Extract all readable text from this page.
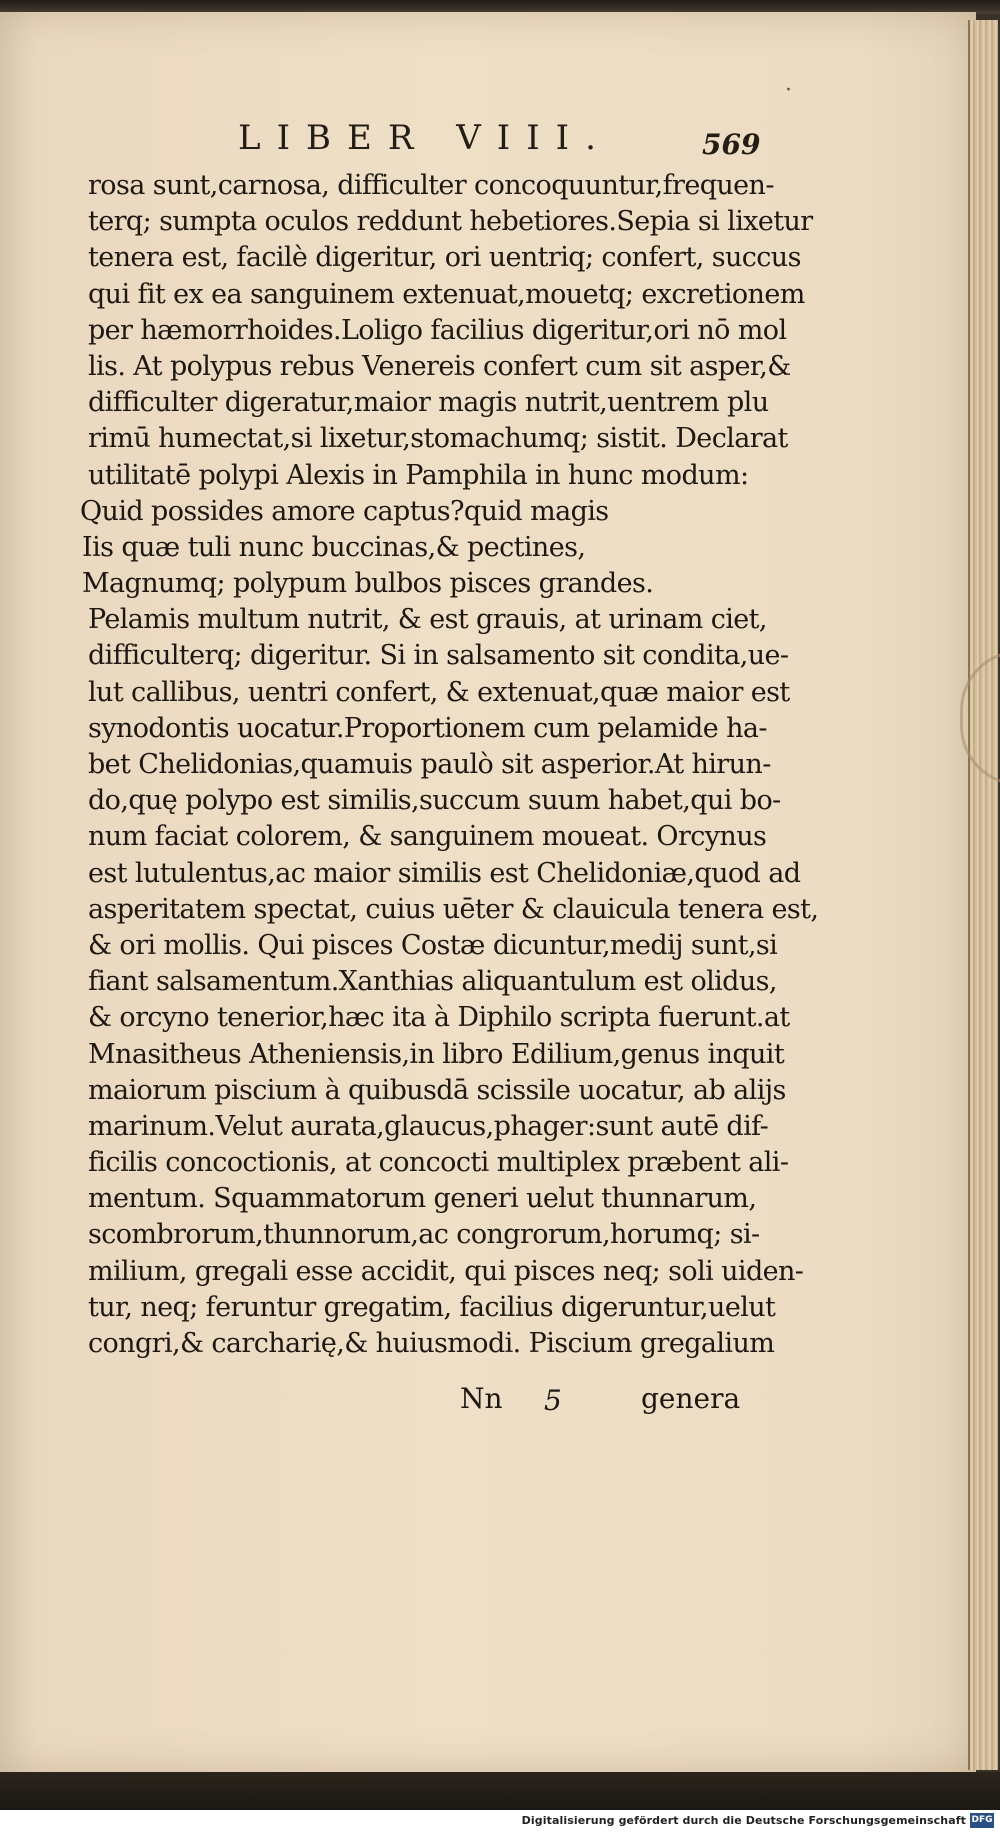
LIBER VIII.	569
rosa sunt,carnosa, difficulter concoquuntur,frequen-
terq; sumpta oculos reddunt hebetiores.Sepia si lixetur
tenera est, facilè digeritur, ori uentriq; confert, succus
qui fit ex ea sanguinem extenuat,mouetq; excretionem
per hæmorrhoides.Loligo facilius digeritur,ori nō mol
lis. At polypus rebus Venereis confert cum sit asper,&
difficulter digeratur,maior magis nutrit,uentrem plu
rimū humectat,si lixetur,stomachumq; sistit. Declarat
utilitatē polypi Alexis in Pamphila in hunc modum:
Quid possides amore captus?quid magis
Iis quæ tuli nunc buccinas,& pectines,
Magnumq; polypum bulbos pisces grandes.
Pelamis multum nutrit, & est grauis, at urinam ciet,
difficulterq; digeritur. Si in salsamento sit condita,ue-
lut callibus, uentri confert, & extenuat,quæ maior est
synodontis uocatur.Proportionem cum pelamide ha-
bet Chelidonias,quamuis paulò sit asperior.At hirun-
do,quę polypo est similis,succum suum habet,qui bo-
num faciat colorem, & sanguinem moueat. Orcynus
est lutulentus,ac maior similis est Chelidoniæ,quod ad
asperitatem spectat, cuius uēter & clauicula tenera est,
& ori mollis. Qui pisces Costæ dicuntur,medij sunt,si
fiant salsamentum.Xanthias aliquantulum est olidus,
& orcyno tenerior,hæc ita à Diphilo scripta fuerunt.at
Mnasitheus Atheniensis,in libro Edilium,genus inquit
maiorum piscium à quibusdā scissile uocatur, ab alijs
marinum.Velut aurata,glaucus,phager:sunt autē dif-
ficilis concoctionis, at concocti multiplex præbent ali-
mentum. Squammatorum generi uelut thunnarum,
scombrorum,thunnorum,ac congrorum,horumq; si-
milium, gregali esse accidit, qui pisces neq; soli uiden-
tur, neq; feruntur gregatim, facilius digeruntur,uelut
congri,& carcharię,& huiusmodi. Piscium gregalium
Nn 5	genera
·
Digitalisierung gefördert durch die Deutsche Forschungsgemeinschaft DFG
